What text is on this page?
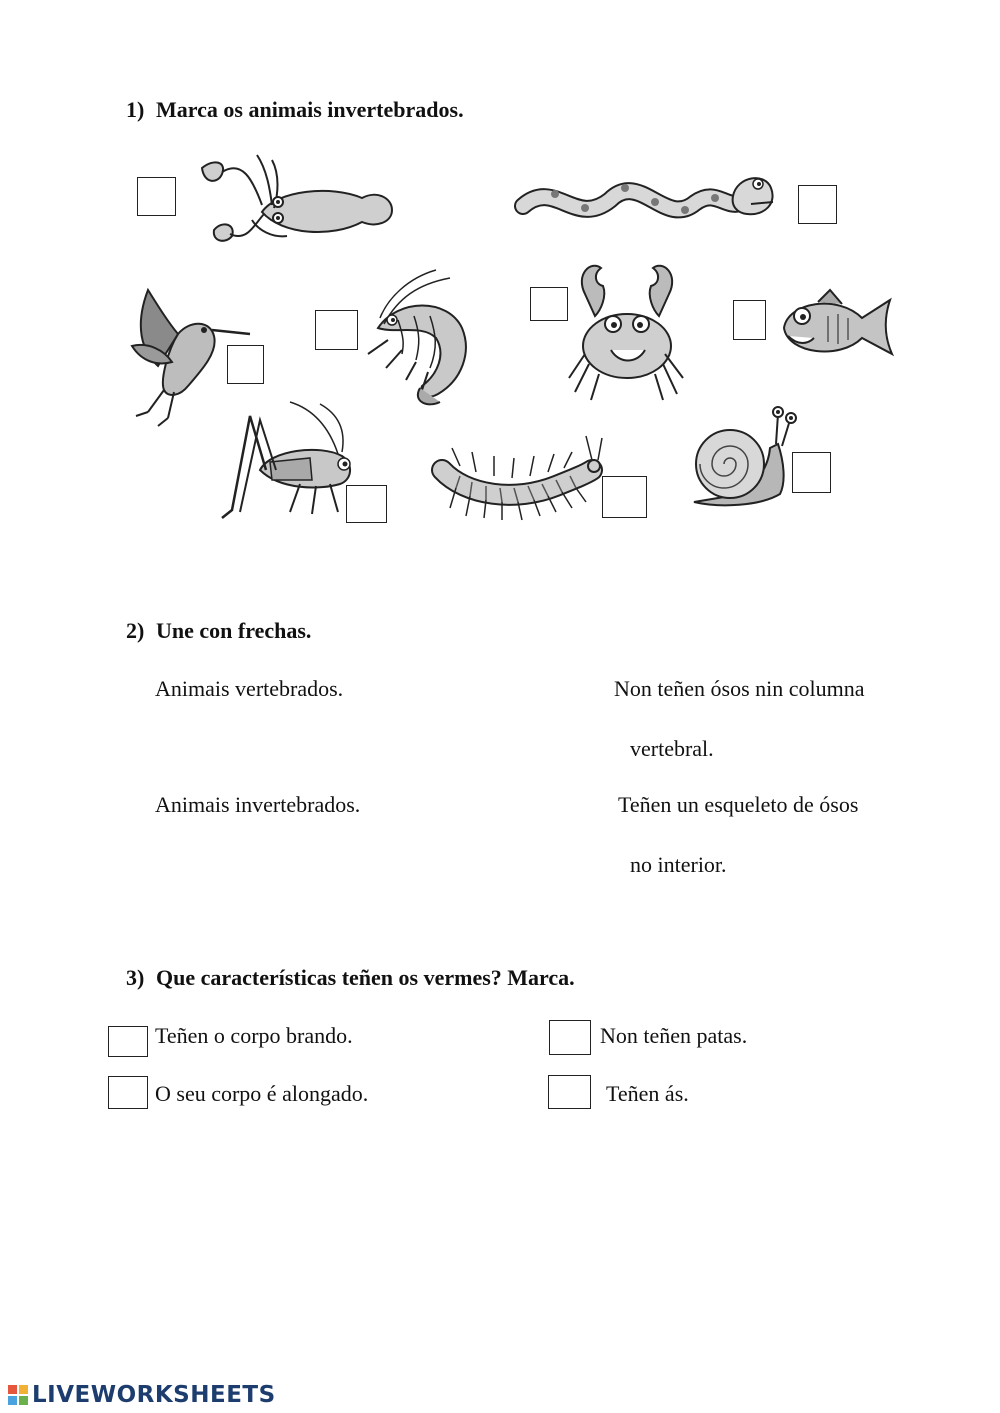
1) Marca os animais invertebrados.
2) Une con frechas.
Animais vertebrados.
Animais invertebrados.
Non teñen ósos nin columna
vertebral.
Teñen un esqueleto de ósos
no interior.
3) Que características teñen os vermes? Marca.
Teñen o corpo brando.	Non teñen patas.
O seu corpo é alongado.	Teñen ás.
LIVEWORKSHEETS
